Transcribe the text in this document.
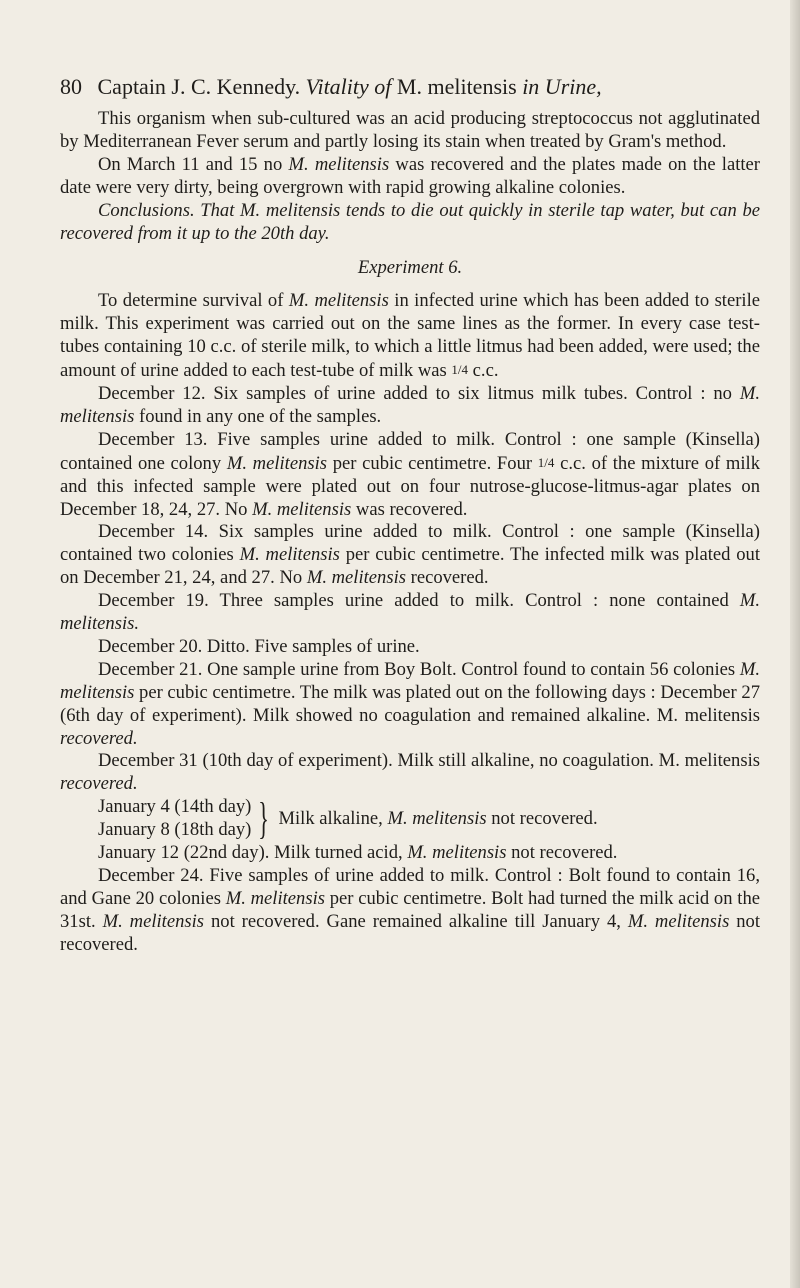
80 Captain J. C. Kennedy. Vitality of M. melitensis in Urine,

This organism when sub-cultured was an acid producing streptococcus not agglutinated by Mediterranean Fever serum and partly losing its stain when treated by Gram's method.

On March 11 and 15 no M. melitensis was recovered and the plates made on the latter date were very dirty, being overgrown with rapid growing alkaline colonies.

Conclusions. That M. melitensis tends to die out quickly in sterile tap water, but can be recovered from it up to the 20th day.

Experiment 6.

To determine survival of M. melitensis in infected urine which has been added to sterile milk. This experiment was carried out on the same lines as the former. In every case test-tubes containing 10 c.c. of sterile milk, to which a little litmus had been added, were used; the amount of urine added to each test-tube of milk was 1/4 c.c.

December 12. Six samples of urine added to six litmus milk tubes. Control : no M. melitensis found in any one of the samples.

December 13. Five samples urine added to milk. Control : one sample (Kinsella) contained one colony M. melitensis per cubic centimetre. Four 1/4 c.c. of the mixture of milk and this infected sample were plated out on four nutrose-glucose-litmus-agar plates on December 18, 24, 27. No M. melitensis was recovered.

December 14. Six samples urine added to milk. Control : one sample (Kinsella) contained two colonies M. melitensis per cubic centimetre. The infected milk was plated out on December 21, 24, and 27. No M. melitensis recovered.

December 19. Three samples urine added to milk. Control : none contained M. melitensis.

December 20. Ditto. Five samples of urine.

December 21. One sample urine from Boy Bolt. Control found to contain 56 colonies M. melitensis per cubic centimetre. The milk was plated out on the following days : December 27 (6th day of experiment). Milk showed no coagulation and remained alkaline. M. melitensis recovered.

December 31 (10th day of experiment). Milk still alkaline, no coagulation. M. melitensis recovered.

January 4 (14th day)
January 8 (18th day) } Milk alkaline, M. melitensis not recovered.

January 12 (22nd day). Milk turned acid, M. melitensis not recovered.

December 24. Five samples of urine added to milk. Control : Bolt found to contain 16, and Gane 20 colonies M. melitensis per cubic centimetre. Bolt had turned the milk acid on the 31st. M. melitensis not recovered. Gane remained alkaline till January 4, M. melitensis not recovered.
